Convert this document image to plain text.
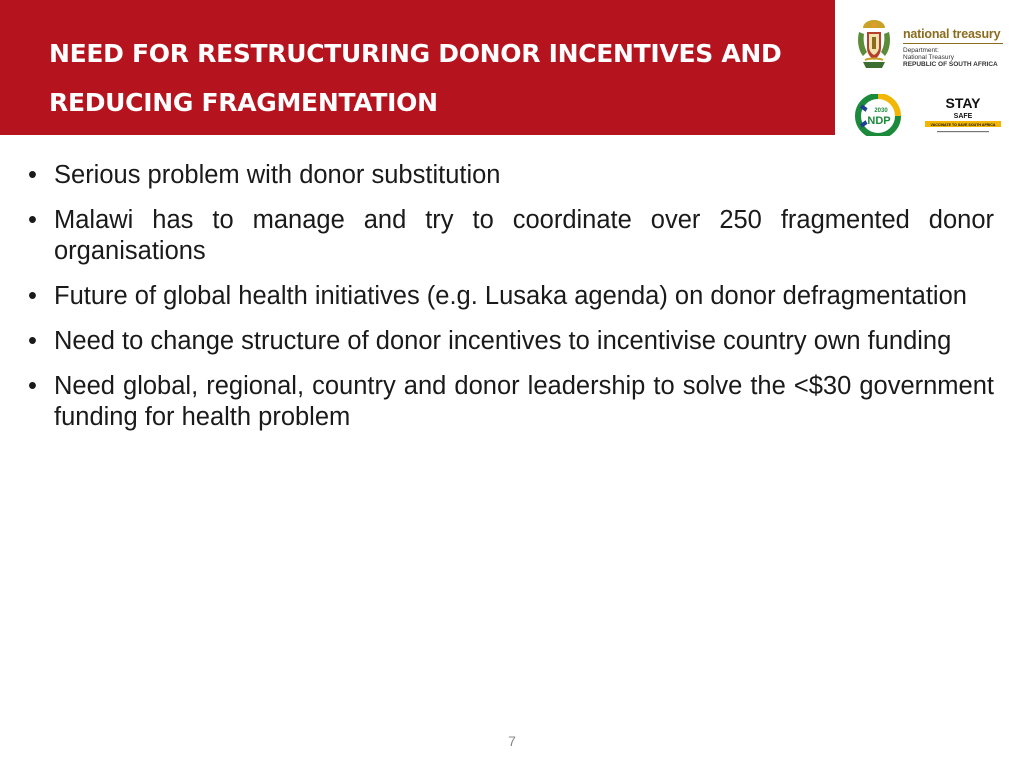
NEED FOR RESTRUCTURING DONOR INCENTIVES AND
REDUCING FRAGMENTATION
national treasury
Department:
National Treasury
REPUBLIC OF SOUTH AFRICA
2030
NDP
STAY
SAFE
VACCINATE TO SAVE SOUTH AFRICA
• Serious problem with donor substitution
• Malawi has to manage and try to coordinate over 250 fragmented donor organisations
• Future of global health initiatives (e.g. Lusaka agenda) on donor defragmentation
• Need to change structure of donor incentives to incentivise country own funding
• Need global, regional, country and donor leadership to solve the <$30 government funding for health problem
7
